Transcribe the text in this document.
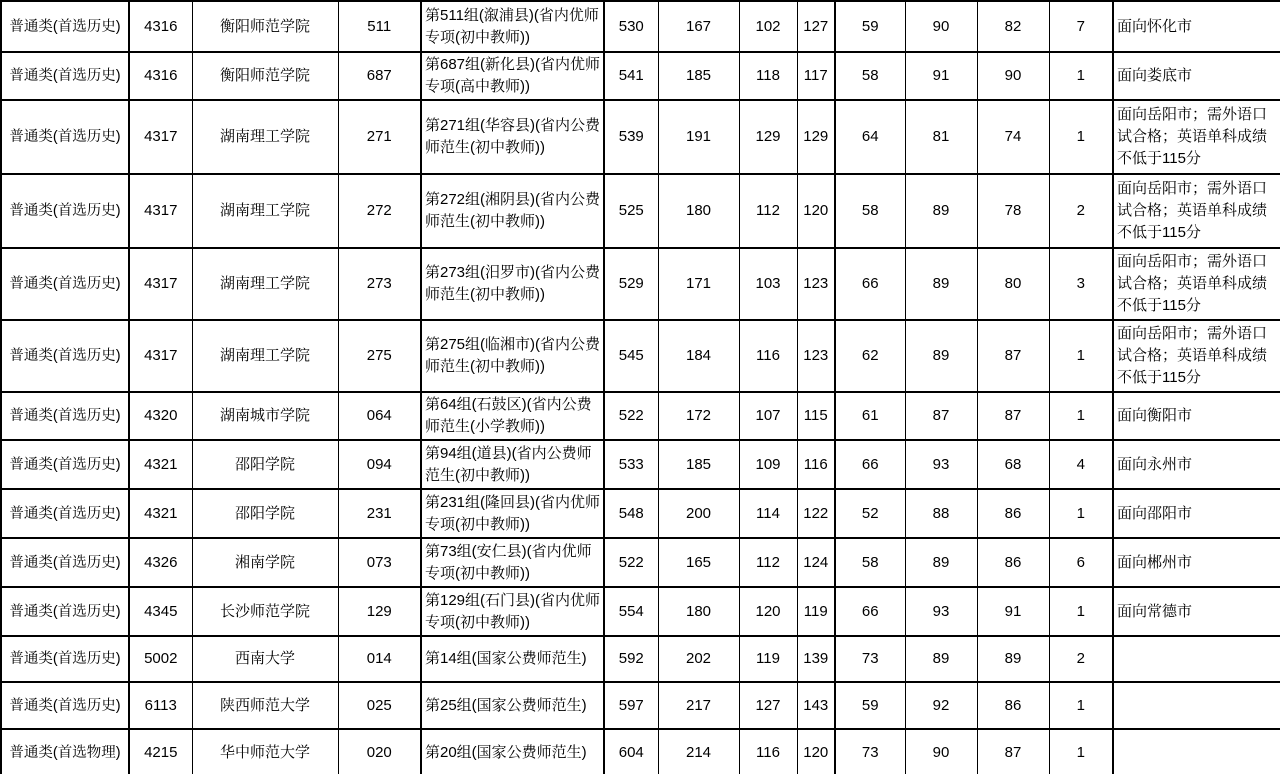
普通类(首选历史)	4316	衡阳师范学院	511	第511组(溆浦县)(省内优师专项(初中教师))	530	167	102	127	59	90	82	7	面向怀化市
普通类(首选历史)	4316	衡阳师范学院	687	第687组(新化县)(省内优师专项(高中教师))	541	185	118	117	58	91	90	1	面向娄底市
普通类(首选历史)	4317	湖南理工学院	271	第271组(华容县)(省内公费师范生(初中教师))	539	191	129	129	64	81	74	1	面向岳阳市；需外语口试合格；英语单科成绩不低于115分
普通类(首选历史)	4317	湖南理工学院	272	第272组(湘阴县)(省内公费师范生(初中教师))	525	180	112	120	58	89	78	2	面向岳阳市；需外语口试合格；英语单科成绩不低于115分
普通类(首选历史)	4317	湖南理工学院	273	第273组(汨罗市)(省内公费师范生(初中教师))	529	171	103	123	66	89	80	3	面向岳阳市；需外语口试合格；英语单科成绩不低于115分
普通类(首选历史)	4317	湖南理工学院	275	第275组(临湘市)(省内公费师范生(初中教师))	545	184	116	123	62	89	87	1	面向岳阳市；需外语口试合格；英语单科成绩不低于115分
普通类(首选历史)	4320	湖南城市学院	064	第64组(石鼓区)(省内公费师范生(小学教师))	522	172	107	115	61	87	87	1	面向衡阳市
普通类(首选历史)	4321	邵阳学院	094	第94组(道县)(省内公费师范生(初中教师))	533	185	109	116	66	93	68	4	面向永州市
普通类(首选历史)	4321	邵阳学院	231	第231组(隆回县)(省内优师专项(初中教师))	548	200	114	122	52	88	86	1	面向邵阳市
普通类(首选历史)	4326	湘南学院	073	第73组(安仁县)(省内优师专项(初中教师))	522	165	112	124	58	89	86	6	面向郴州市
普通类(首选历史)	4345	长沙师范学院	129	第129组(石门县)(省内优师专项(初中教师))	554	180	120	119	66	93	91	1	面向常德市
普通类(首选历史)	5002	西南大学	014	第14组(国家公费师范生)	592	202	119	139	73	89	89	2	
普通类(首选历史)	6113	陕西师范大学	025	第25组(国家公费师范生)	597	217	127	143	59	92	86	1	
普通类(首选物理)	4215	华中师范大学	020	第20组(国家公费师范生)	604	214	116	120	73	90	87	1	
